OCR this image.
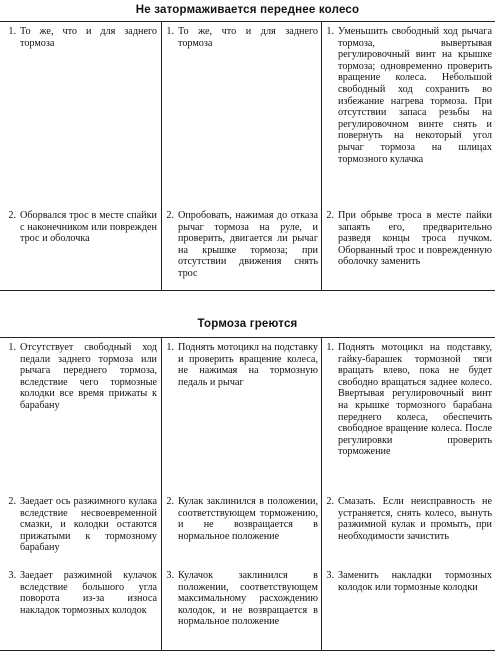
Не затормаживается переднее колесо
1. То же, что и для заднего тормоза
2. Оборвался трос в месте спайки с наконечником или поврежден трос и оболочка
1. То же, что и для заднего тормоза
2. Опробовать, нажимая до отказа рычаг тормоза на руле, и проверить, двигается ли рычаг на крышке тормоза; при отсутствии движения снять трос
1. Уменьшить свободный ход рычага тормоза, вывертывая регулировочный винт на крышке тормоза; одновременно проверить вращение колеса. Небольшой свободный ход сохранить во избежание нагрева тормоза. При отсутствии запаса резьбы на регулировочном винте снять и повернуть на некоторый угол рычаг тормоза на шлицах тормозного кулачка
2. При обрыве троса в месте пайки запаять его, предварительно разведя концы троса пучком. Оборванный трос и поврежденную оболочку заменить
Тормоза греются
1. Отсутствует свободный ход педали заднего тормоза или рычага переднего тормоза, вследствие чего тормозные колодки все время прижаты к барабану
2. Заедает ось разжимного кулака вследствие несвоевременной смазки, и колодки остаются прижатыми к тормозному барабану
3. Заедает разжимной кулачок вследствие большого угла поворота из-за износа накладок тормозных колодок
1. Поднять мотоцикл на подставку и проверить вращение колеса, не нажимая на тормозную педаль и рычаг
2. Кулак заклинился в положении, соответствующем торможению, и не возвращается в нормальное положение
3. Кулачок заклинился в положении, соответствующем максимальному расхождению колодок, и не возвращается в нормальное положение
1. Поднять мотоцикл на подставку, гайку-барашек тормозной тяги вращать влево, пока не будет свободно вращаться заднее колесо. Ввертывая регулировочный винт на крышке тормозного барабана переднего колеса, обеспечить свободное вращение колеса. После регулировки проверить торможение
2. Смазать. Если неисправность не устраняется, снять колесо, вынуть разжимной кулак и промыть, при необходимости зачистить
3. Заменить накладки тормозных колодок или тормозные колодки
